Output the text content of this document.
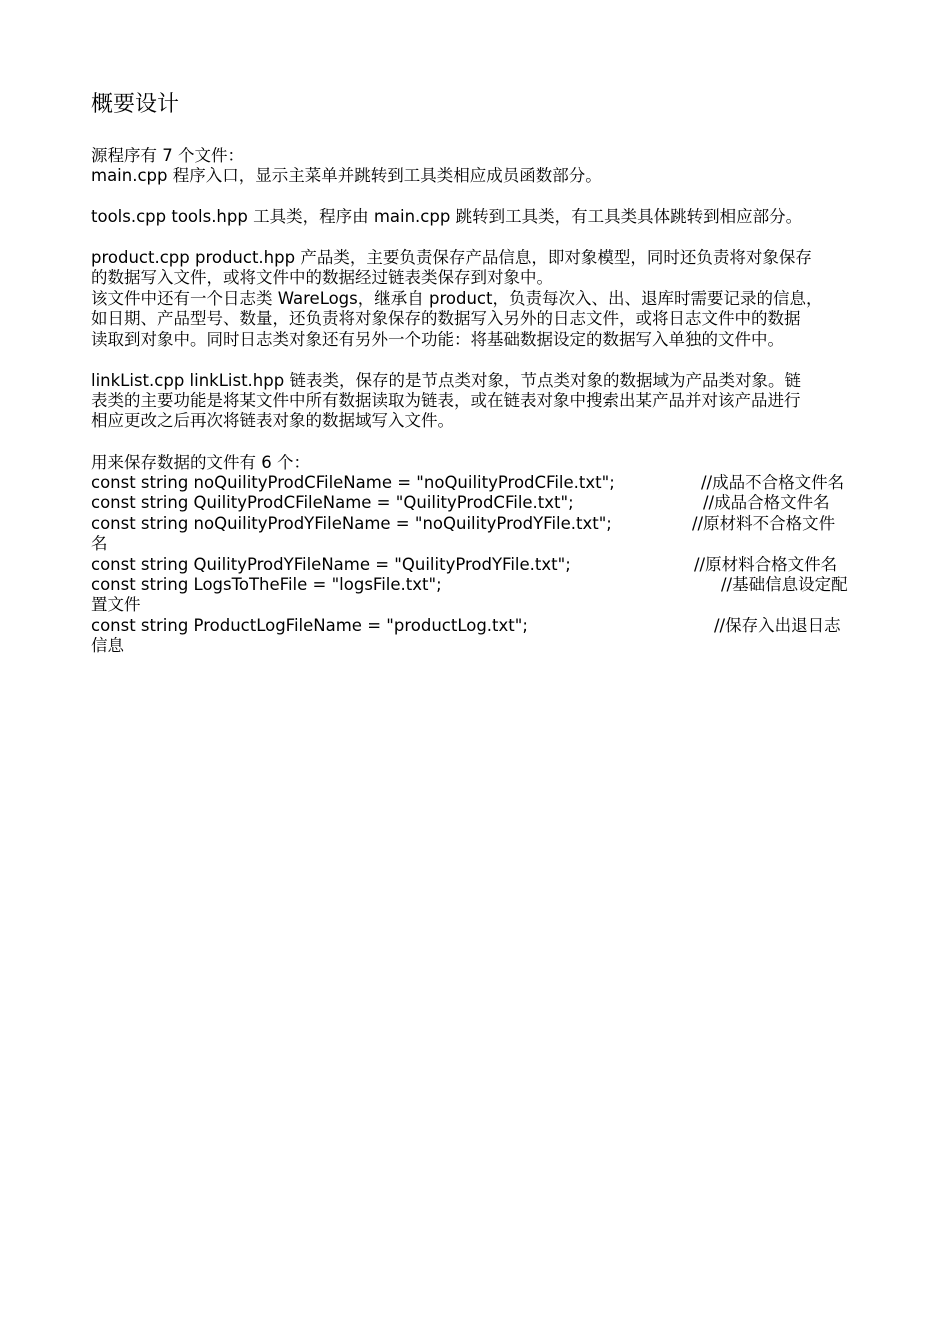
概要设计
源程序有 7 个文件：
main.cpp 程序入口，显示主菜单并跳转到工具类相应成员函数部分。
tools.cpp tools.hpp 工具类，程序由 main.cpp 跳转到工具类，有工具类具体跳转到相应部分。
product.cpp product.hpp 产品类，主要负责保存产品信息，即对象模型，同时还负责将对象保存
的数据写入文件，或将文件中的数据经过链表类保存到对象中。
该文件中还有一个日志类 WareLogs，继承自 product，负责每次入、出、退库时需要记录的信息，
如日期、产品型号、数量，还负责将对象保存的数据写入另外的日志文件，或将日志文件中的数据
读取到对象中。同时日志类对象还有另外一个功能：将基础数据设定的数据写入单独的文件中。
linkList.cpp linkList.hpp 链表类，保存的是节点类对象，节点类对象的数据域为产品类对象。链
表类的主要功能是将某文件中所有数据读取为链表，或在链表对象中搜索出某产品并对该产品进行
相应更改之后再次将链表对象的数据域写入文件。
用来保存数据的文件有 6 个：
const string noQuilityProdCFileName = "noQuilityProdCFile.txt";	//成品不合格文件名
const string QuilityProdCFileName = "QuilityProdCFile.txt";	//成品合格文件名
const string noQuilityProdYFileName = "noQuilityProdYFile.txt";	//原材料不合格文件
名
const string QuilityProdYFileName = "QuilityProdYFile.txt";	//原材料合格文件名
const string LogsToTheFile = "logsFile.txt";	//基础信息设定配
置文件
const string ProductLogFileName = "productLog.txt";	//保存入出退日志
信息
